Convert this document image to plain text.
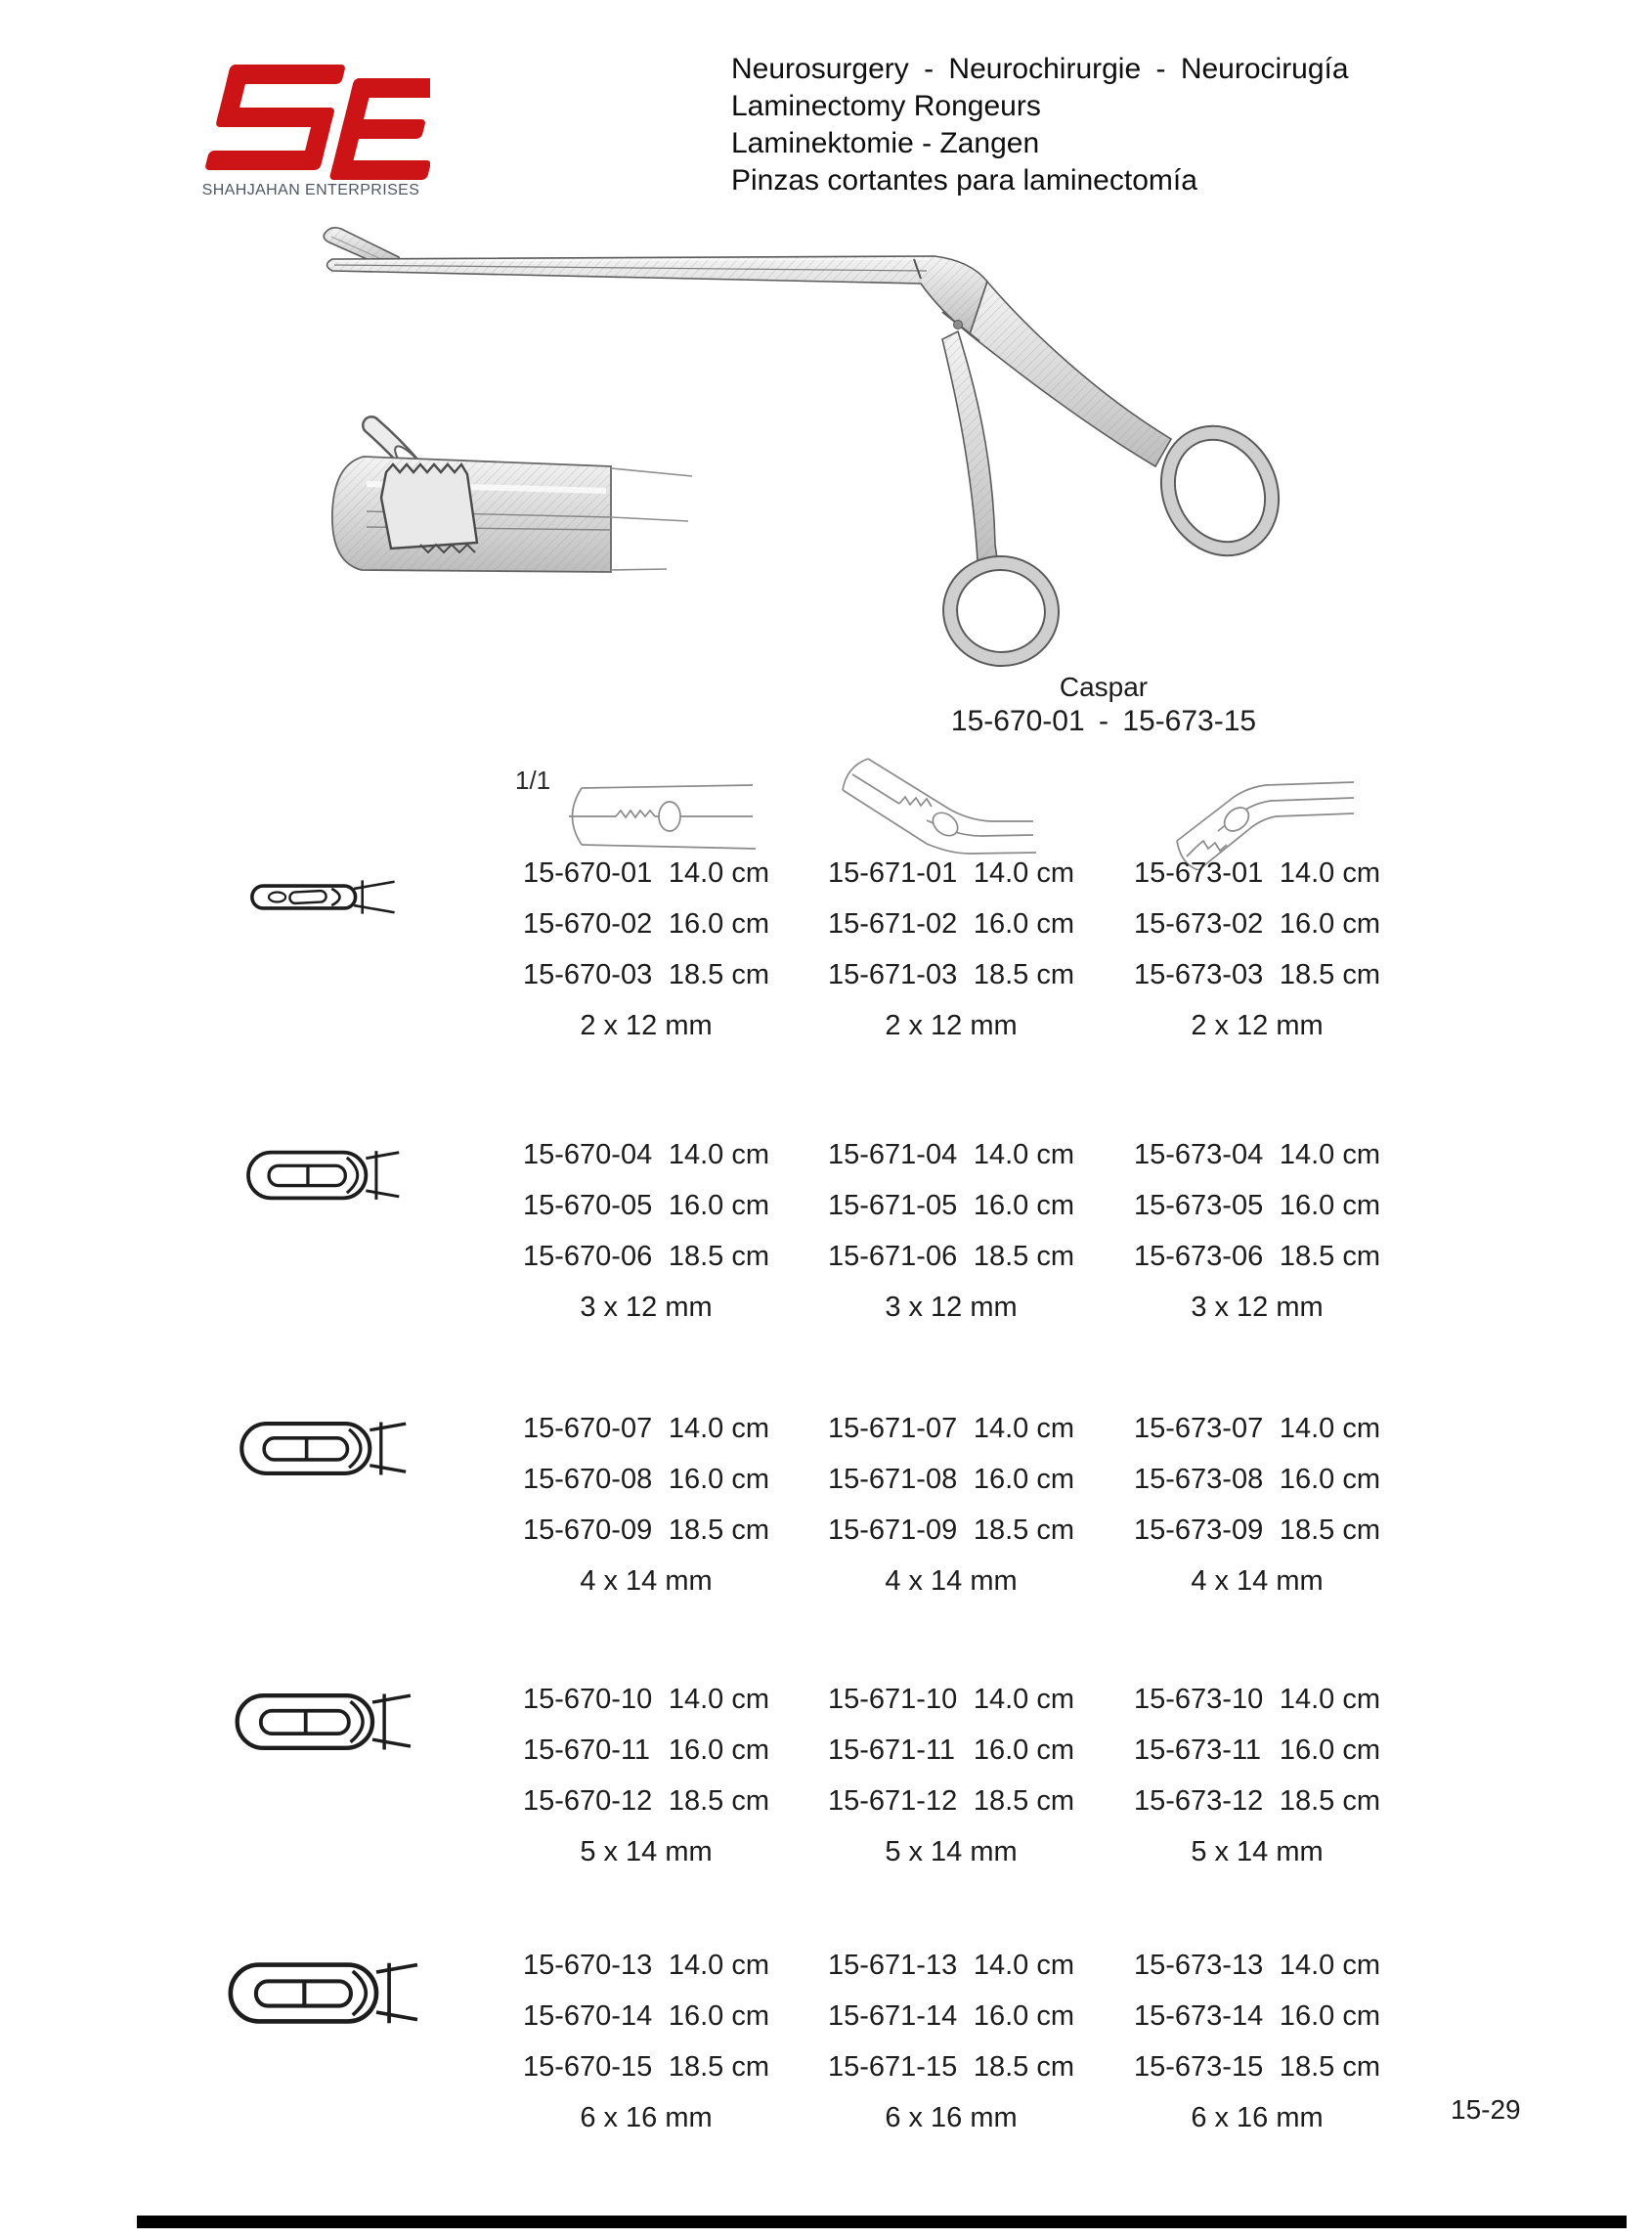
SHAHJAHAN ENTERPRISES
Neurosurgery - Neurochirurgie - Neurocirugía
Laminectomy Rongeurs
Laminektomie - Zangen
Pinzas cortantes para laminectomía
Caspar
15-670-01 - 15-673-15
1/1
15-670-01 14.0 cm
15-670-02 16.0 cm
15-670-03 18.5 cm
2 x 12 mm
15-671-01 14.0 cm
15-671-02 16.0 cm
15-671-03 18.5 cm
2 x 12 mm
15-673-01 14.0 cm
15-673-02 16.0 cm
15-673-03 18.5 cm
2 x 12 mm
15-670-04 14.0 cm
15-670-05 16.0 cm
15-670-06 18.5 cm
3 x 12 mm
15-671-04 14.0 cm
15-671-05 16.0 cm
15-671-06 18.5 cm
3 x 12 mm
15-673-04 14.0 cm
15-673-05 16.0 cm
15-673-06 18.5 cm
3 x 12 mm
15-670-07 14.0 cm
15-670-08 16.0 cm
15-670-09 18.5 cm
4 x 14 mm
15-671-07 14.0 cm
15-671-08 16.0 cm
15-671-09 18.5 cm
4 x 14 mm
15-673-07 14.0 cm
15-673-08 16.0 cm
15-673-09 18.5 cm
4 x 14 mm
15-670-10 14.0 cm
15-670-11 16.0 cm
15-670-12 18.5 cm
5 x 14 mm
15-671-10 14.0 cm
15-671-11 16.0 cm
15-671-12 18.5 cm
5 x 14 mm
15-673-10 14.0 cm
15-673-11 16.0 cm
15-673-12 18.5 cm
5 x 14 mm
15-670-13 14.0 cm
15-670-14 16.0 cm
15-670-15 18.5 cm
6 x 16 mm
15-671-13 14.0 cm
15-671-14 16.0 cm
15-671-15 18.5 cm
6 x 16 mm
15-673-13 14.0 cm
15-673-14 16.0 cm
15-673-15 18.5 cm
6 x 16 mm	15-29
